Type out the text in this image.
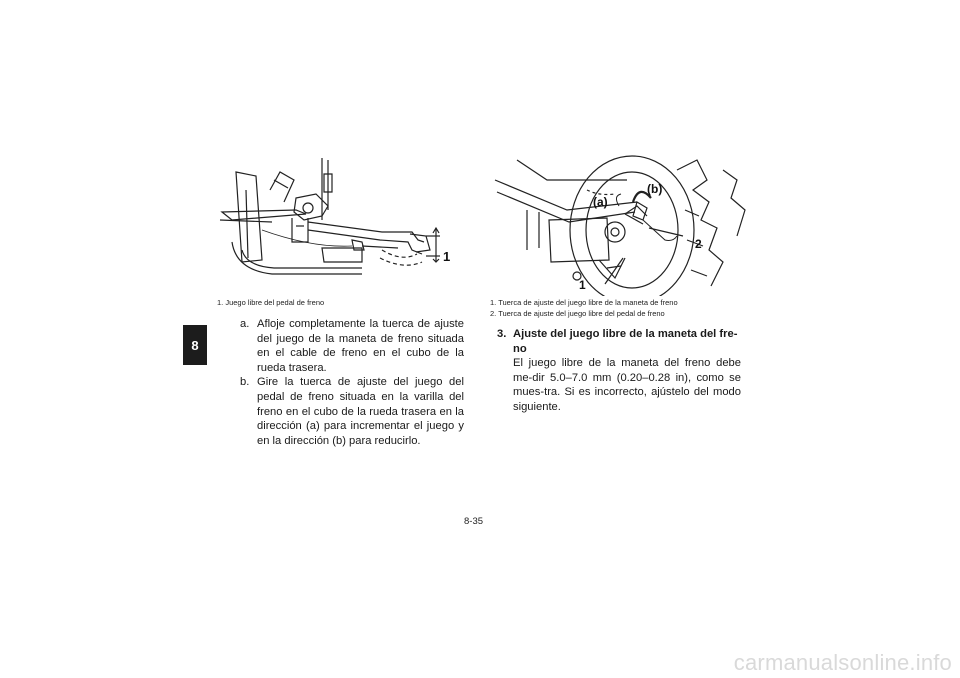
8
1
(a)
(b)
1
2
1. Juego libre del pedal de freno	1. Tuerca de ajuste del juego libre de la maneta de freno
2. Tuerca de ajuste del juego libre del pedal de freno
a. Afloje completamente la tuerca de ajuste del juego de la maneta de freno situada en el cable de freno en el cubo de la rueda trasera.
b. Gire la tuerca de ajuste del juego del pedal de freno situada en la varilla del freno en el cubo de la rueda trasera en la dirección (a) para incrementar el juego y en la dirección (b) para reducirlo.
3. Ajuste del juego libre de la maneta del fre-no
El juego libre de la maneta del freno debe me-dir 5.0–7.0 mm (0.20–0.28 in), como se mues-tra. Si es incorrecto, ajústelo del modo siguiente.
8-35
carmanualsonline.info
